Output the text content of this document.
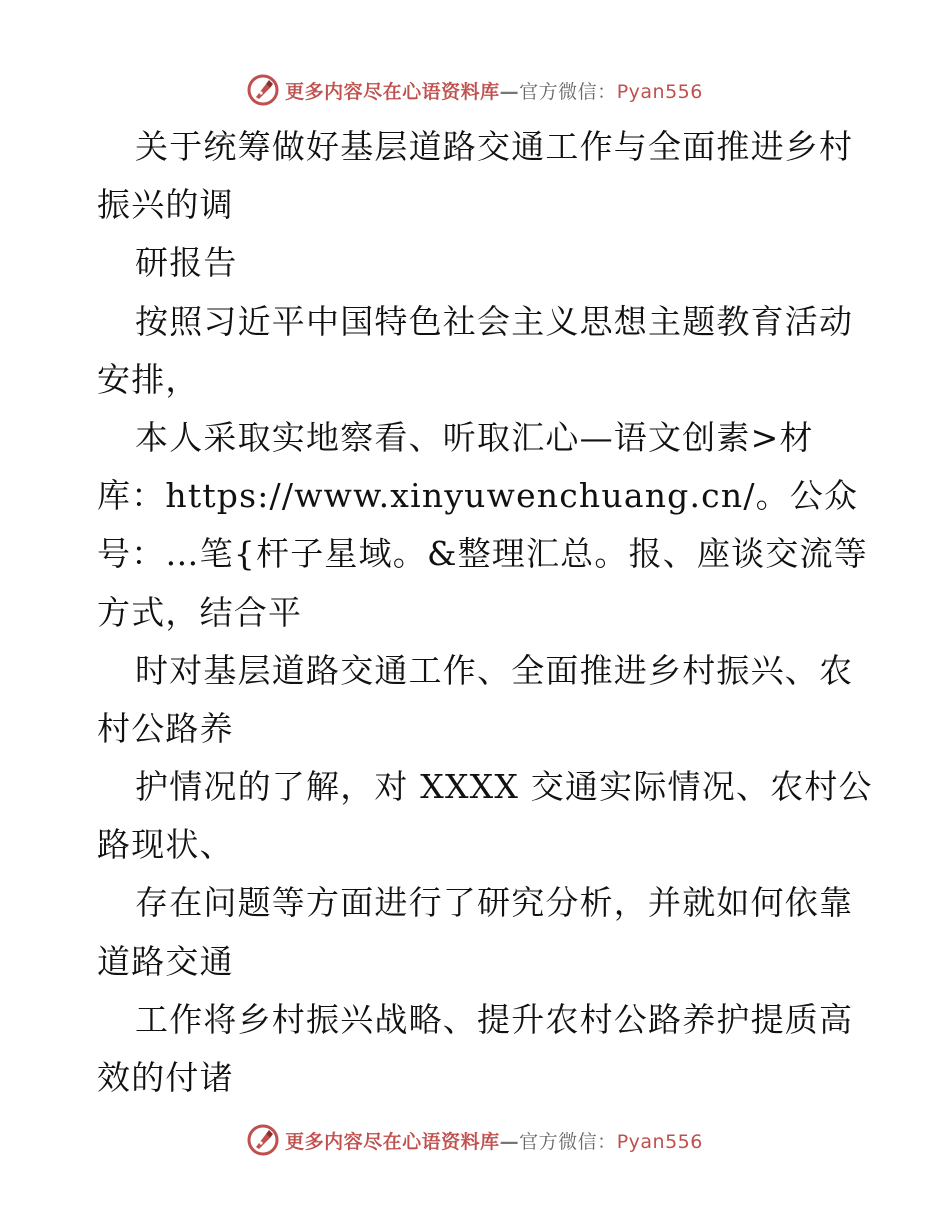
更多内容尽在心语资料库—官方微信：Pyan556
关于统筹做好基层道路交通工作与全面推进乡村
振兴的调
研报告
按照习近平中国特色社会主义思想主题教育活动
安排，
本人采取实地察看、听取汇心—语文创素>材
库：https://www.xinyuwenchuang.cn/。公众
号：…笔{杆子星域。&整理汇总。报、座谈交流等
方式，结合平
时对基层道路交通工作、全面推进乡村振兴、农
村公路养
护情况的了解，对 XXXX 交通实际情况、农村公
路现状、
存在问题等方面进行了研究分析，并就如何依靠
道路交通
工作将乡村振兴战略、提升农村公路养护提质高
效的付诸
更多内容尽在心语资料库—官方微信：Pyan556
